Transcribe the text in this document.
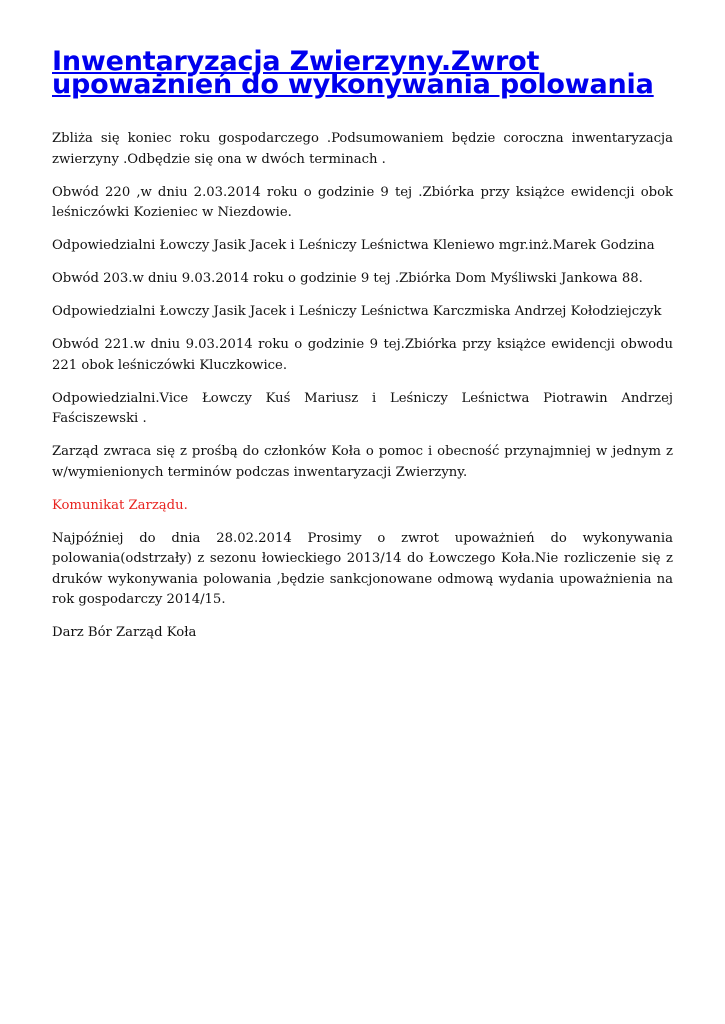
Inwentaryzacja Zwierzyny.Zwrot upoważnień do wykonywania polowania

Zbliża się koniec roku gospodarczego .Podsumowaniem będzie coroczna inwentaryzacja zwierzyny .Odbędzie się ona w dwóch terminach .

Obwód 220 ,w dniu 2.03.2014 roku o godzinie 9 tej .Zbiórka przy książce ewidencji obok leśniczówki Kozieniec w Niezdowie.

Odpowiedzialni Łowczy Jasik Jacek i Leśniczy Leśnictwa Kleniewo mgr.inż.Marek Godzina

Obwód 203.w dniu 9.03.2014 roku o godzinie 9 tej .Zbiórka Dom Myśliwski Jankowa 88.

Odpowiedzialni Łowczy Jasik Jacek i Leśniczy Leśnictwa Karczmiska Andrzej Kołodziejczyk

Obwód 221.w dniu 9.03.2014 roku o godzinie 9 tej.Zbiórka przy książce ewidencji obwodu 221 obok leśniczówki Kluczkowice.

Odpowiedzialni.Vice Łowczy Kuś Mariusz i Leśniczy Leśnictwa Piotrawin Andrzej Faściszewski .

Zarząd zwraca się z prośbą do członków Koła o pomoc i obecność przynajmniej w jednym z w/wymienionych terminów podczas inwentaryzacji Zwierzyny.

Komunikat Zarządu.

Najpóźniej do dnia 28.02.2014 Prosimy o zwrot upoważnień do wykonywania polowania(odstrzały) z sezonu łowieckiego 2013/14 do Łowczego Koła.Nie rozliczenie się z druków wykonywania polowania ,będzie sankcjonowane odmową wydania upoważnienia na rok gospodarczy 2014/15.

Darz Bór Zarząd Koła
